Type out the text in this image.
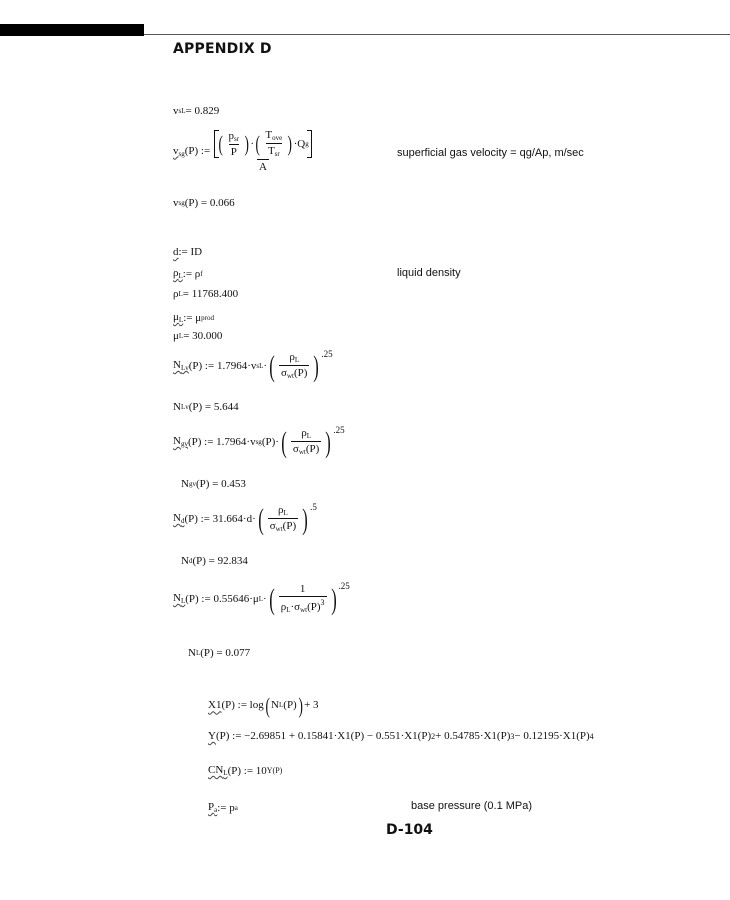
APPENDIX D
v sL = 0.829
$v_{sg}$ (P) := $\frac{( \frac{p_{sr}}{P} ) \cdot ( \frac{T_{ove}}{T_{sr}} ) \cdot Q g}{A}$	superficial gas velocity = qg/Ap, m/sec
v sg (P) = 0.066
d := ID
$\rho_L$ := ρ f	liquid density
ρ L = 11768.400
$\mu_L$ := μ prod
μ L = 30.000
$N_{Lv}$ (P) := 1.7964·v sL · ( $\frac{\rho_L}{\sigma_{wt}(P)}$ ) .25
N Lv (P) = 5.644
$N_{gv}$ (P) := 1.7964·v sg (P)· ( $\frac{\rho_L}{\sigma_{wt}(P)}$ ) .25
N gv (P) = 0.453
$N_d$ (P) := 31.664·d· ( $\frac{\rho_L}{\sigma_{wt}(P)}$ ) .5
N d (P) = 92.834
$N_L$ (P) := 0.55646·μ L · ( $\frac{1}{\rho_L\cdot\sigma_{wt}(P)^3}$ ) .25
N L (P) = 0.077
X1 (P) := log ( N L (P) ) + 3
Y (P) := −2.69851 + 0.15841·X1(P) − 0.551·X1(P) 2 + 0.54785·X1(P) 3 − 0.12195·X1(P) 4
$CN_L$ (P) := 10 Y(P)
$P_a$ := p a	base pressure (0.1 MPa)
D-104
